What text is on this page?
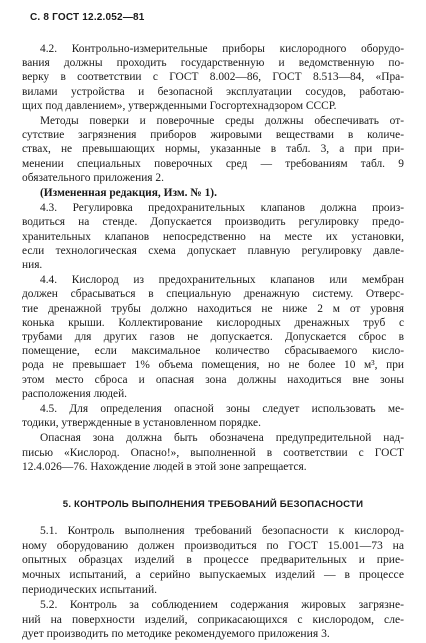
С. 8 ГОСТ 12.2.052—81
4.2. Контрольно-измерительные приборы кислородного оборудо-
вания должны проходить государственную и ведомственную по-
верку в соответствии с ГОСТ 8.002—86, ГОСТ 8.513—84, «Пра-
вилами устройства и безопасной эксплуатации сосудов, работаю-
щих под давлением», утвержденными Госгортехнадзором СССР.
Методы поверки и поверочные среды должны обеспечивать от-
сутствие загрязнения приборов жировыми веществами в количе-
ствах, не превышающих нормы, указанные в табл. 3, а при при-
менении специальных поверочных сред — требованиям табл. 9
обязательного приложения 2.
(Измененная редакция, Изм. № 1).
4.3. Регулировка предохранительных клапанов должна произ-
водиться на стенде. Допускается производить регулировку предо-
хранительных клапанов непосредственно на месте их установки,
если технологическая схема допускает плавную регулировку давле-
ния.
4.4. Кислород из предохранительных клапанов или мембран
должен сбрасываться в специальную дренажную систему. Отверс-
тие дренажной трубы должно находиться не ниже 2 м от уровня
конька крыши. Коллектирование кислородных дренажных труб с
трубами для других газов не допускается. Допускается сброс в
помещение, если максимальное количество сбрасываемого кисло-
рода не превышает 1% объема помещения, но не более 10 м³, при
этом место сброса и опасная зона должны находиться вне зоны
расположения людей.
4.5. Для определения опасной зоны следует использовать ме-
тодики, утвержденные в установленном порядке.
Опасная зона должна быть обозначена предупредительной над-
писью «Кислород. Опасно!», выполненной в соответствии с ГОСТ
12.4.026—76. Нахождение людей в этой зоне запрещается.
5. КОНТРОЛЬ ВЫПОЛНЕНИЯ ТРЕБОВАНИЙ БЕЗОПАСНОСТИ
5.1. Контроль выполнения требований безопасности к кислород-
ному оборудованию должен производиться по ГОСТ 15.001—73 на
опытных образцах изделий в процессе предварительных и прие-
мочных испытаний, а серийно выпускаемых изделий — в процессе
периодических испытаний.
5.2. Контроль за соблюдением содержания жировых загрязне-
ний на поверхности изделий, соприкасающихся с кислородом, сле-
дует производить по методике рекомендуемого приложения 3.
